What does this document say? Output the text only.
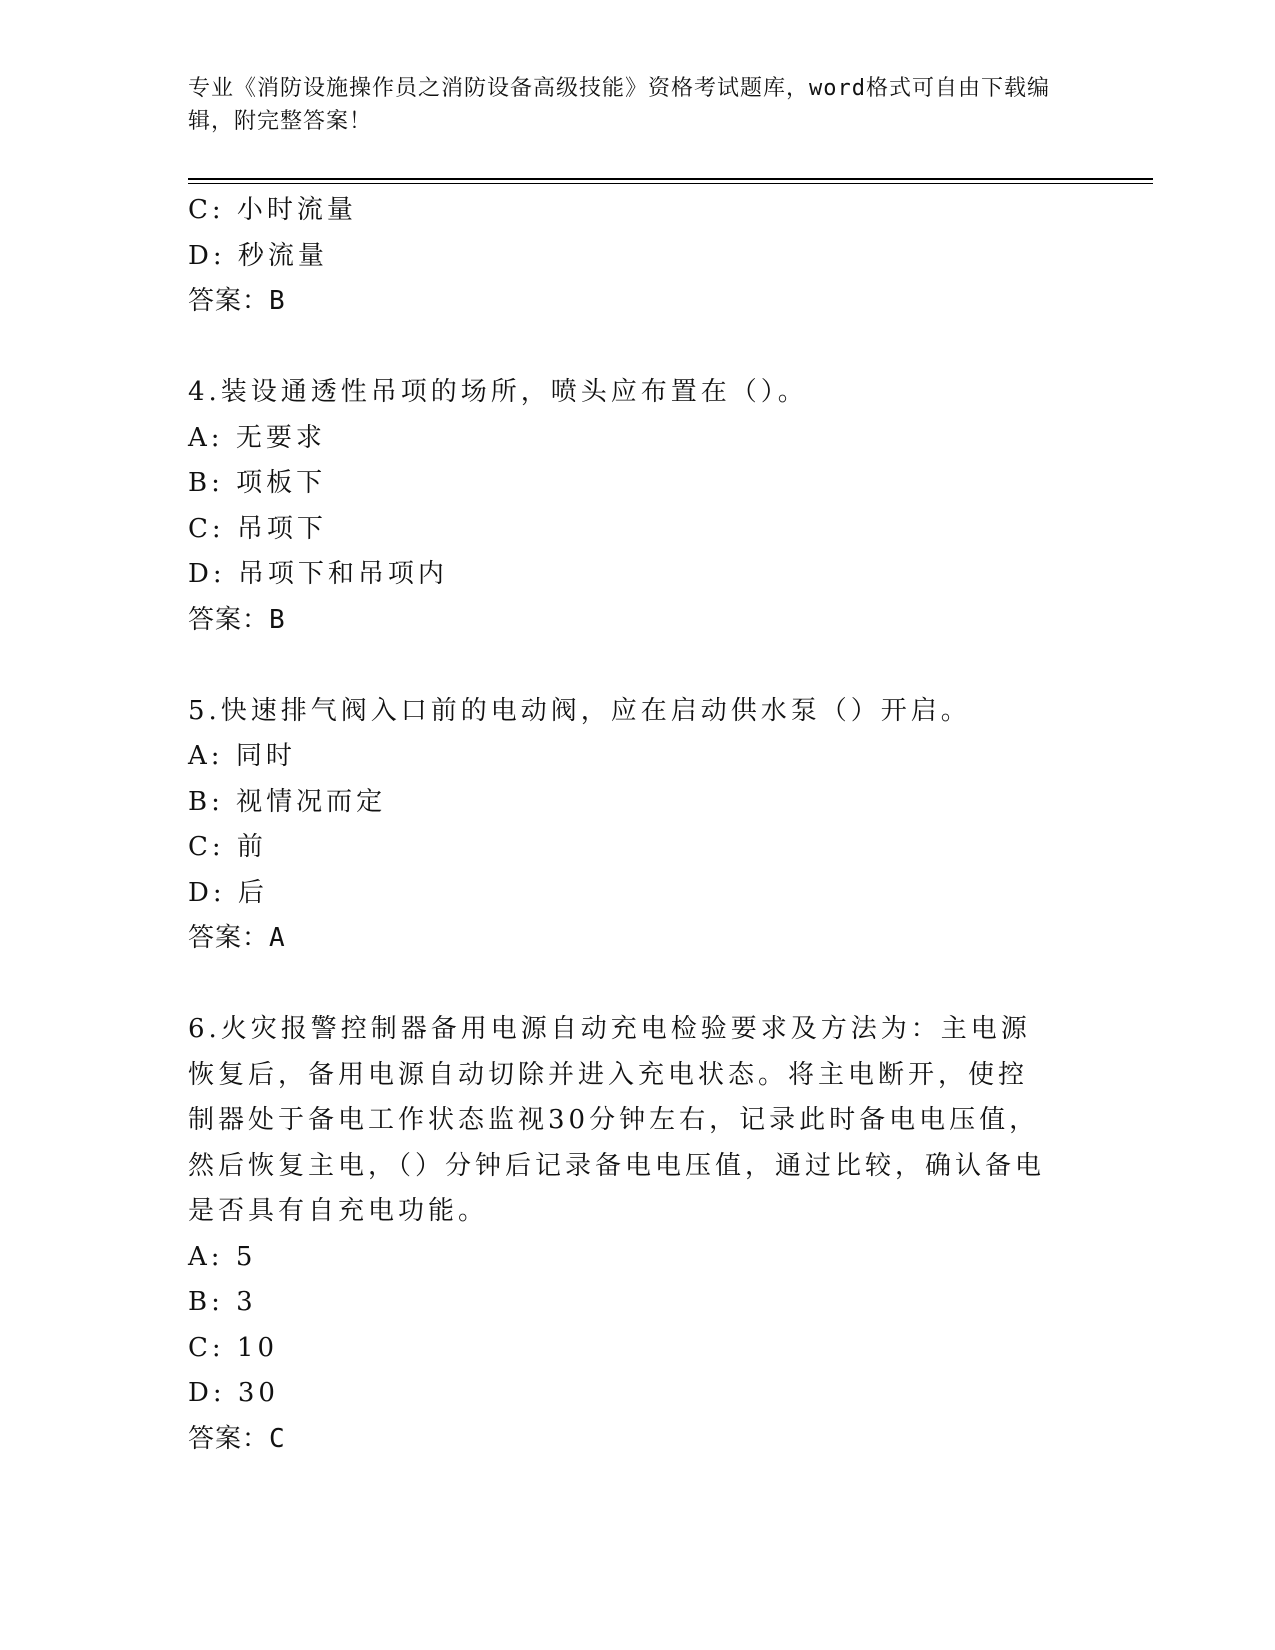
专业《消防设施操作员之消防设备高级技能》资格考试题库，word格式可自由下载编辑，附完整答案！
C: 小时流量
D: 秒流量
答案：B
4.装设通透性吊项的场所，喷头应布置在（）。
A: 无要求
B: 项板下
C: 吊项下
D: 吊项下和吊项内
答案：B
5.快速排气阀入口前的电动阀，应在启动供水泵（）开启。
A: 同时
B: 视情况而定
C: 前
D: 后
答案：A
6.火灾报警控制器备用电源自动充电检验要求及方法为：主电源恢复后，备用电源自动切除并进入充电状态。将主电断开，使控制器处于备电工作状态监视30分钟左右，记录此时备电电压值，然后恢复主电，（）分钟后记录备电电压值，通过比较，确认备电是否具有自充电功能。
A: 5
B: 3
C: 10
D: 30
答案：C
